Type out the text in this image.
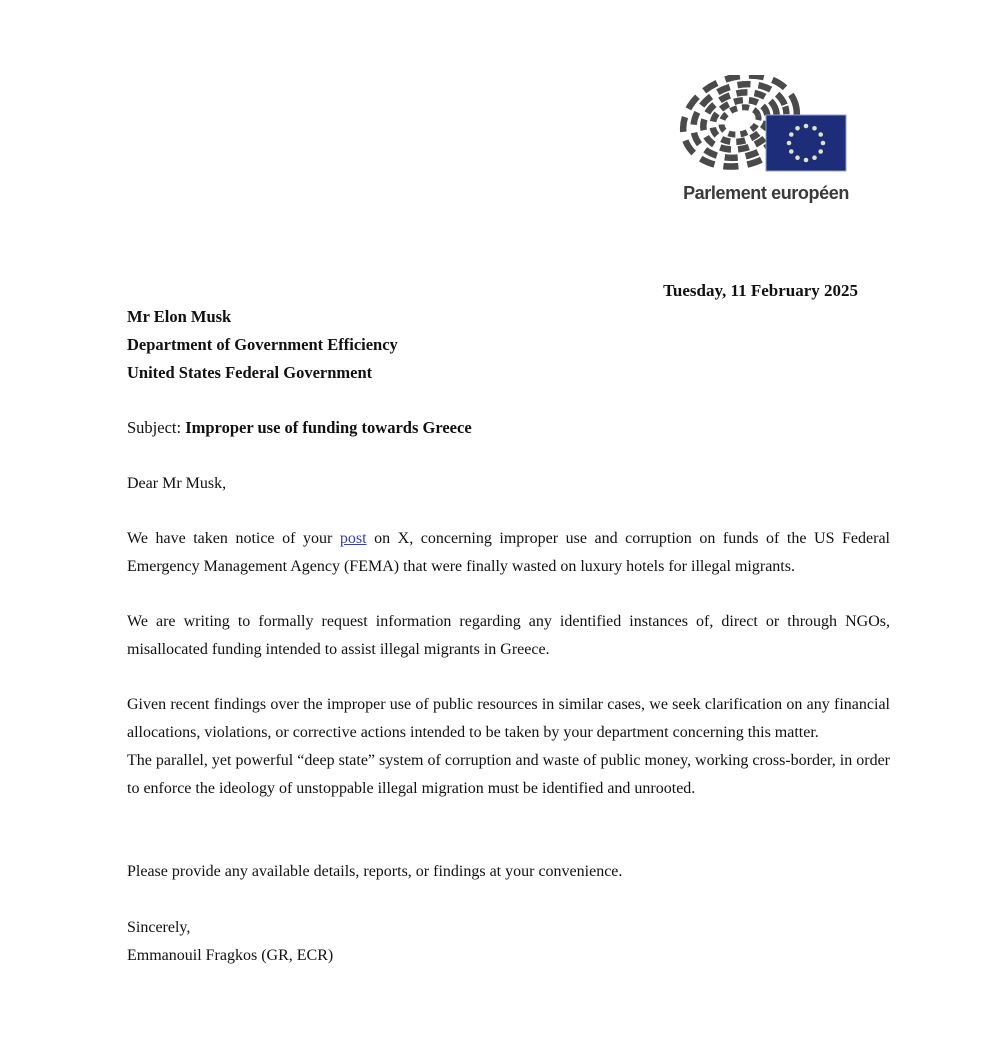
Parlement européen
Tuesday, 11 February 2025
Mr Elon Musk
Department of Government Efficiency
United States Federal Government
Subject: Improper use of funding towards Greece
Dear Mr Musk,
We have taken notice of your post on X, concerning improper use and corruption on funds of the US Federal Emergency Management Agency (FEMA) that were finally wasted on luxury hotels for illegal migrants.
We are writing to formally request information regarding any identified instances of, direct or through NGOs, misallocated funding intended to assist illegal migrants in Greece.
Given recent findings over the improper use of public resources in similar cases, we seek clarification on any financial allocations, violations, or corrective actions intended to be taken by your department concerning this matter.
The parallel, yet powerful “deep state” system of corruption and waste of public money, working cross-border, in order to enforce the ideology of unstoppable illegal migration must be identified and unrooted.
Please provide any available details, reports, or findings at your convenience.
Sincerely,
Emmanouil Fragkos (GR, ECR)
